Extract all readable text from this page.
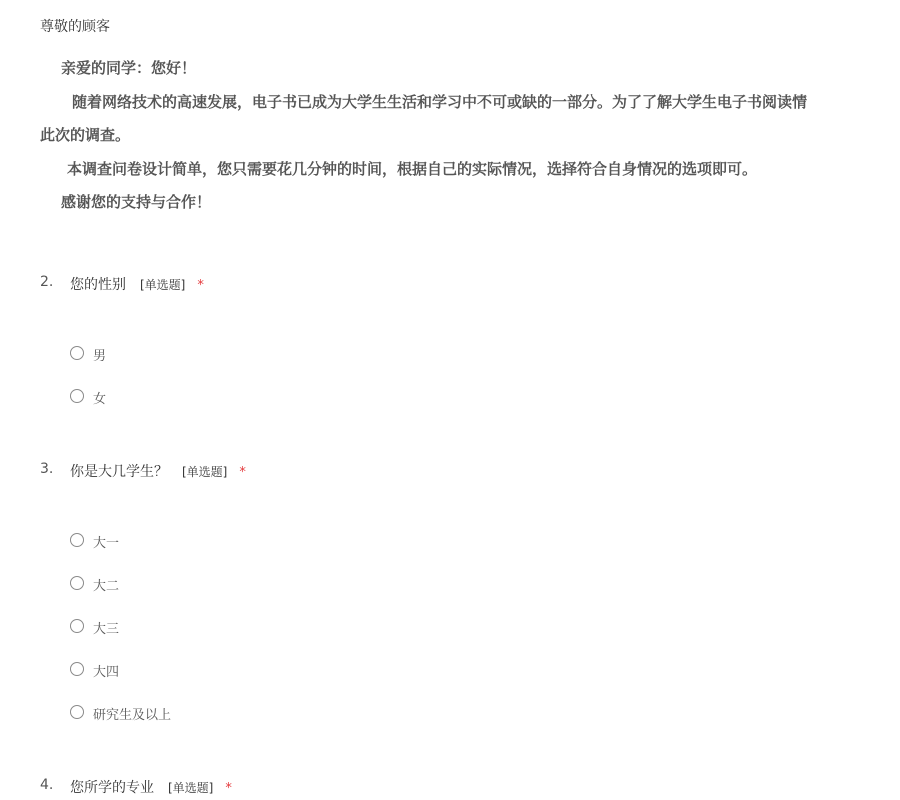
尊敬的顾客

亲爱的同学：您好！

随着网络技术的高速发展，电子书已成为大学生生活和学习中不可或缺的一部分。为了了解大学生电子书阅读情

此次的调查。

本调查问卷设计简单，您只需要花几分钟的时间，根据自己的实际情况，选择符合自身情况的选项即可。

感谢您的支持与合作！

2. 您的性别 [单选题] *
男
女
3. 你是大几学生？ [单选题] *
大一
大二
大三
大四
研究生及以上
4. 您所学的专业 [单选题] *
